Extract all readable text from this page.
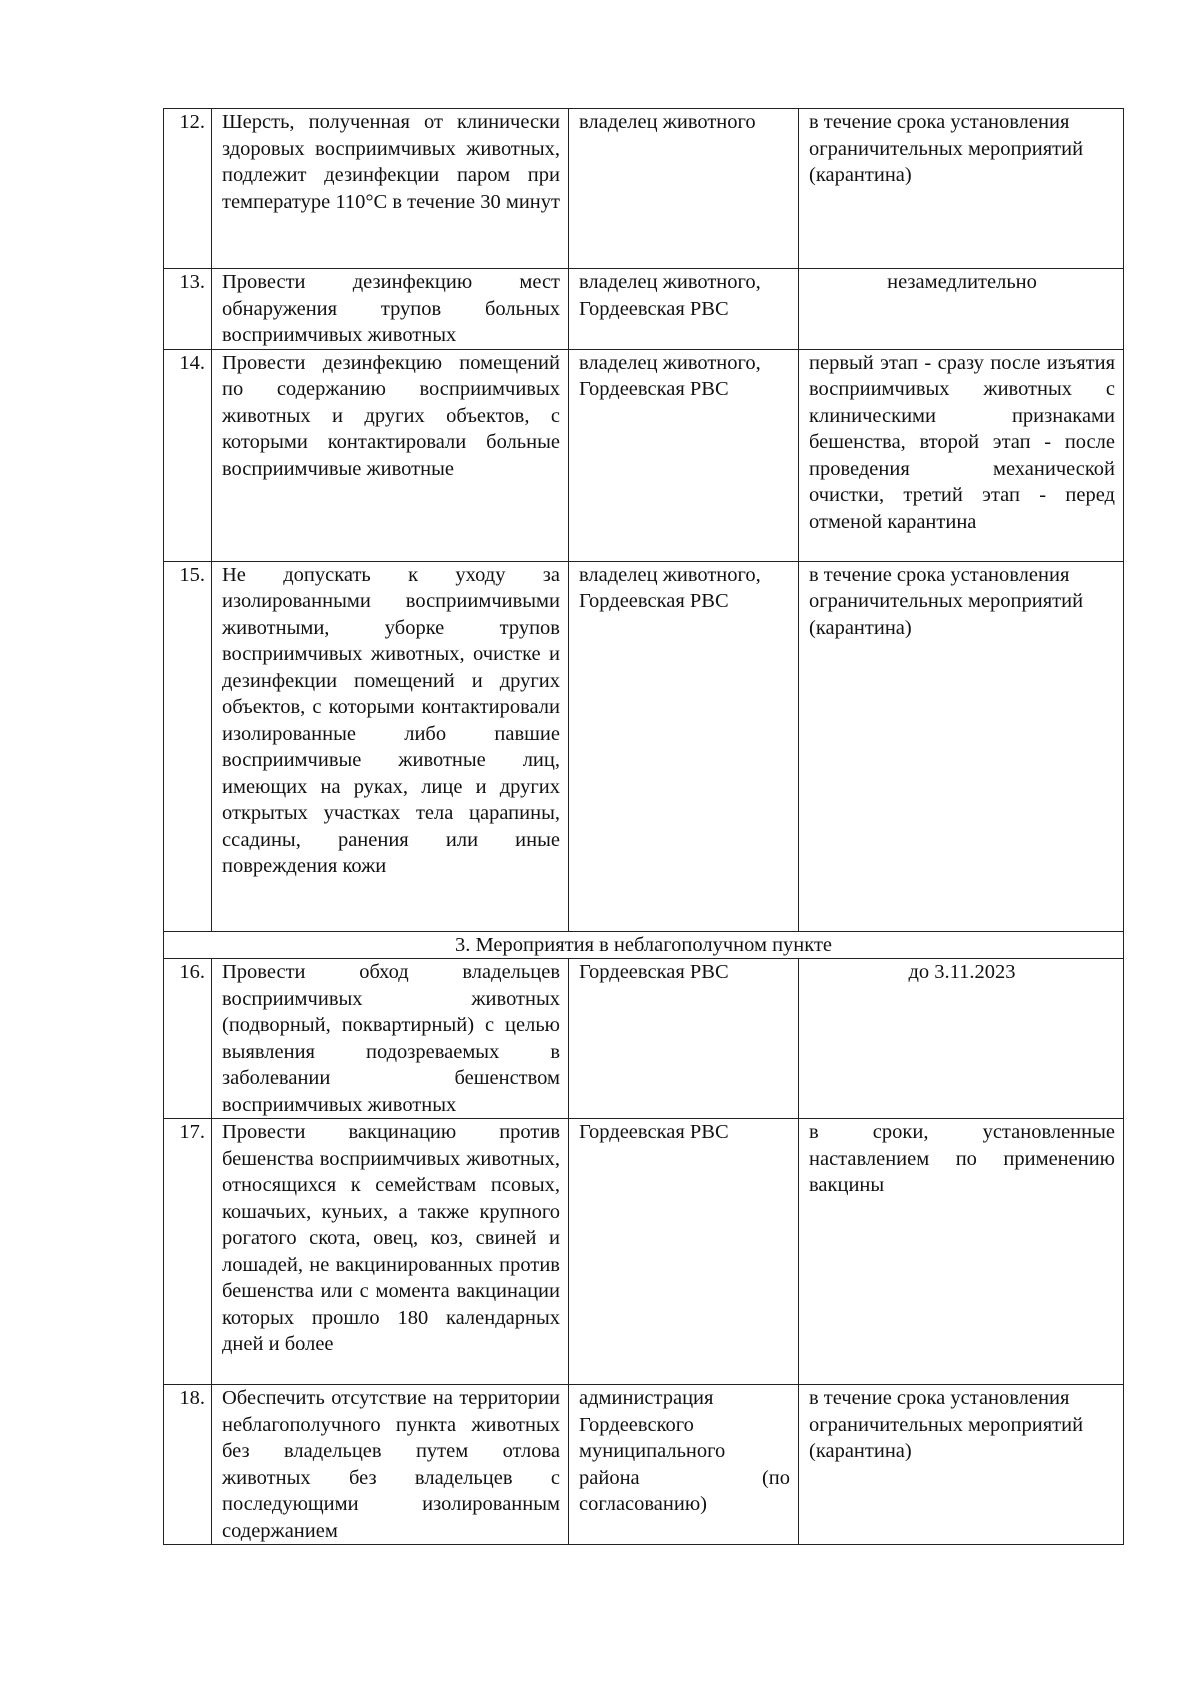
12.	Шерсть, полученная от клинически здоровых восприимчивых животных, подлежит дезинфекции паром при температуре 110°С в течение 30 минут	владелец животного	в течение срока установления ограничительных мероприятий (карантина)
13.	Провести дезинфекцию мест обнаружения трупов больных восприимчивых животных	владелец животного, Гордеевская РВС	незамедлительно
14.	Провести дезинфекцию помещений по содержанию восприимчивых животных и других объектов, с которыми контактировали больные восприимчивые животные	владелец животного, Гордеевская РВС	первый этап - сразу после изъятия восприимчивых животных с клиническими признаками бешенства, второй этап - после проведения механической очистки, третий этап - перед отменой карантина
15.	Не допускать к уходу за изолированными восприимчивыми животными, уборке трупов восприимчивых животных, очистке и дезинфекции помещений и других объектов, с которыми контактировали изолированные либо павшие восприимчивые животные лиц, имеющих на руках, лице и других открытых участках тела царапины, ссадины, ранения или иные повреждения кожи	владелец животного, Гордеевская РВС	в течение срока установления ограничительных мероприятий (карантина)
3. Мероприятия в неблагополучном пункте			
16.	Провести обход владельцев восприимчивых животных (подворный, поквартирный) с целью выявления подозреваемых в заболевании бешенством восприимчивых животных	Гордеевская РВС	до 3.11.2023
17.	Провести вакцинацию против бешенства восприимчивых животных, относящихся к семействам псовых, кошачьих, куньих, а также крупного рогатого скота, овец, коз, свиней и лошадей, не вакцинированных против бешенства или с момента вакцинации которых прошло 180 календарных дней и более	Гордеевская РВС	в сроки, установленные наставлением по применению вакцины
18.	Обеспечить отсутствие на территории неблагополучного пункта животных без владельцев путем отлова животных без владельцев с последующими изолированным содержанием	администрация Гордеевского муниципального района (по согласованию)	в течение срока установления ограничительных мероприятий (карантина)
